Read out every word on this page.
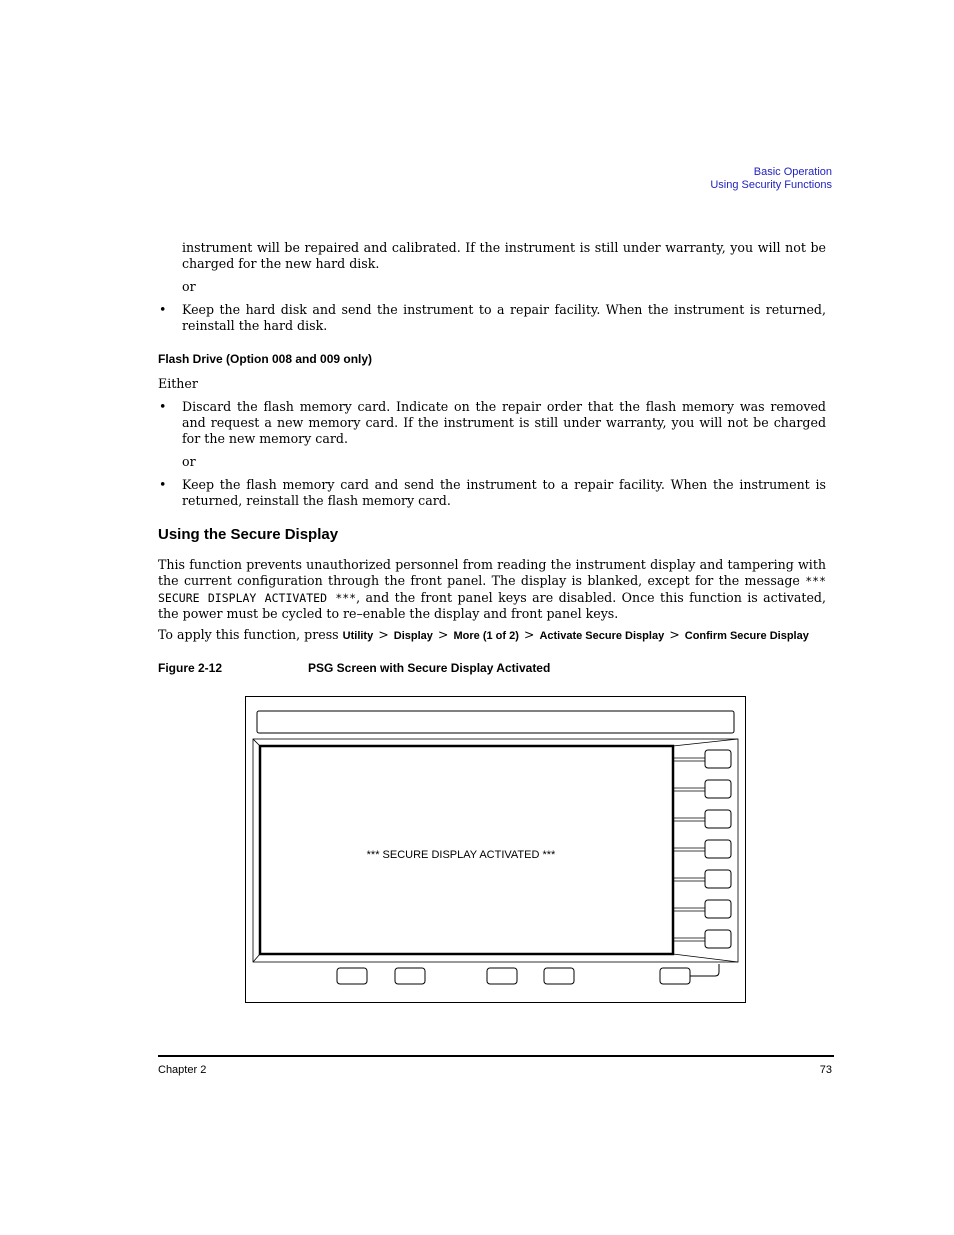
Basic Operation
Using Security Functions
instrument will be repaired and calibrated. If the instrument is still under warranty, you will not be charged for the new hard disk.
or
• Keep the hard disk and send the instrument to a repair facility. When the instrument is returned, reinstall the hard disk.
Flash Drive (Option 008 and 009 only)
Either
• Discard the flash memory card. Indicate on the repair order that the flash memory was removed and request a new memory card. If the instrument is still under warranty, you will not be charged for the new memory card.
or
• Keep the flash memory card and send the instrument to a repair facility. When the instrument is returned, reinstall the flash memory card.
Using the Secure Display
This function prevents unauthorized personnel from reading the instrument display and tampering with the current configuration through the front panel. The display is blanked, except for the message *** SECURE DISPLAY ACTIVATED ***, and the front panel keys are disabled. Once this function is activated, the power must be cycled to re–enable the display and front panel keys.
To apply this function, press Utility > Display > More (1 of 2) > Activate Secure Display > Confirm Secure Display
Figure 2-12	PSG Screen with Secure Display Activated
*** SECURE DISPLAY ACTIVATED ***
Chapter 2	73
